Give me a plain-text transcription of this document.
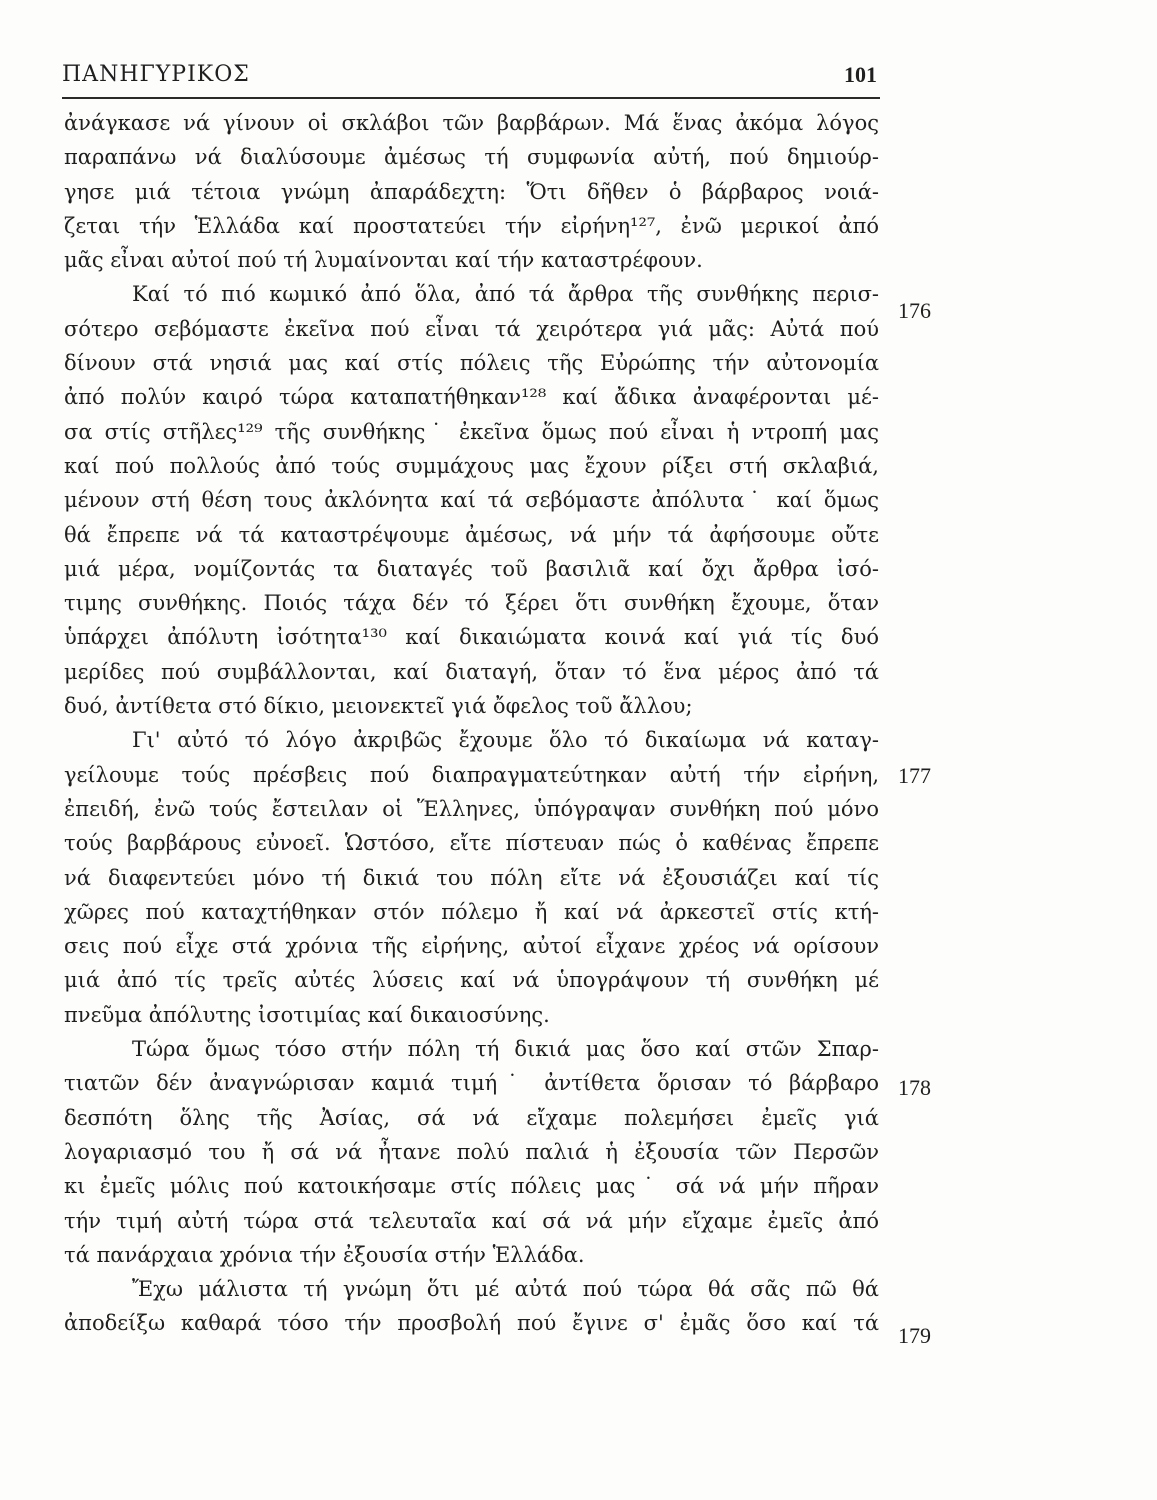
ΠΑΝΗΓΥΡΙΚΟΣ	101
ἀνάγκασε νά γίνουν οἱ σκλάβοι τῶν βαρβάρων. Μά ἕνας ἀκόμα λόγος
παραπάνω νά διαλύσουμε ἀμέσως τή συμφωνία αὐτή, πού δημιούρ-
γησε μιά τέτοια γνώμη ἀπαράδεχτη: Ὅτι δῆθεν ὁ βάρβαρος νοιά-
ζεται τήν Ἑλλάδα καί προστατεύει τήν εἰρήνη¹²⁷, ἐνῶ μερικοί ἀπό
μᾶς εἶναι αὐτοί πού τή λυμαίνονται καί τήν καταστρέφουν.
Καί τό πιό κωμικό ἀπό ὅλα, ἀπό τά ἄρθρα τῆς συνθήκης περισ-
σότερο σεβόμαστε ἐκεῖνα πού εἶναι τά χειρότερα γιά μᾶς: Αὐτά πού
δίνουν στά νησιά μας καί στίς πόλεις τῆς Εὐρώπης τήν αὐτονομία
ἀπό πολύν καιρό τώρα καταπατήθηκαν¹²⁸ καί ἄδικα ἀναφέρονται μέ-
σα στίς στῆλες¹²⁹ τῆς συνθήκης˙ ἐκεῖνα ὅμως πού εἶναι ἡ ντροπή μας
καί πού πολλούς ἀπό τούς συμμάχους μας ἔχουν ρίξει στή σκλαβιά,
μένουν στή θέση τους ἀκλόνητα καί τά σεβόμαστε ἀπόλυτα˙ καί ὅμως
θά ἔπρεπε νά τά καταστρέψουμε ἀμέσως, νά μήν τά ἀφήσουμε οὔτε
μιά μέρα, νομίζοντάς τα διαταγές τοῦ βασιλιᾶ καί ὄχι ἄρθρα ἰσό-
τιμης συνθήκης. Ποιός τάχα δέν τό ξέρει ὅτι συνθήκη ἔχουμε, ὅταν
ὑπάρχει ἀπόλυτη ἰσότητα¹³⁰ καί δικαιώματα κοινά καί γιά τίς δυό
μερίδες πού συμβάλλονται, καί διαταγή, ὅταν τό ἕνα μέρος ἀπό τά
δυό, ἀντίθετα στό δίκιο, μειονεκτεῖ γιά ὄφελος τοῦ ἄλλου;
Γι' αὐτό τό λόγο ἀκριβῶς ἔχουμε ὅλο τό δικαίωμα νά καταγ-
γείλουμε τούς πρέσβεις πού διαπραγματεύτηκαν αὐτή τήν εἰρήνη,
ἐπειδή, ἐνῶ τούς ἔστειλαν οἱ Ἕλληνες, ὑπόγραψαν συνθήκη πού μόνο
τούς βαρβάρους εὐνοεῖ. Ὡστόσο, εἴτε πίστευαν πώς ὁ καθένας ἔπρεπε
νά διαφεντεύει μόνο τή δικιά του πόλη εἴτε νά ἐξουσιάζει καί τίς
χῶρες πού καταχτήθηκαν στόν πόλεμο ἤ καί νά ἀρκεστεῖ στίς κτή-
σεις πού εἶχε στά χρόνια τῆς εἰρήνης, αὐτοί εἶχανε χρέος νά ορίσουν
μιά ἀπό τίς τρεῖς αὐτές λύσεις καί νά ὑπογράψουν τή συνθήκη μέ
πνεῦμα ἀπόλυτης ἰσοτιμίας καί δικαιοσύνης.
Τώρα ὅμως τόσο στήν πόλη τή δικιά μας ὅσο καί στῶν Σπαρ-
τιατῶν δέν ἀναγνώρισαν καμιά τιμή˙ ἀντίθετα ὅρισαν τό βάρβαρο
δεσπότη ὅλης τῆς Ἀσίας, σά νά εἴχαμε πολεμήσει ἐμεῖς γιά
λογαριασμό του ἤ σά νά ἦτανε πολύ παλιά ἡ ἐξουσία τῶν Περσῶν
κι ἐμεῖς μόλις πού κατοικήσαμε στίς πόλεις μας˙ σά νά μήν πῆραν
τήν τιμή αὐτή τώρα στά τελευταῖα καί σά νά μήν εἴχαμε ἐμεῖς ἀπό
τά πανάρχαια χρόνια τήν ἐξουσία στήν Ἑλλάδα.
Ἔχω μάλιστα τή γνώμη ὅτι μέ αὐτά πού τώρα θά σᾶς πῶ θά
ἀποδείξω καθαρά τόσο τήν προσβολή πού ἔγινε σ' ἐμᾶς ὅσο καί τά
176
177
178
179
